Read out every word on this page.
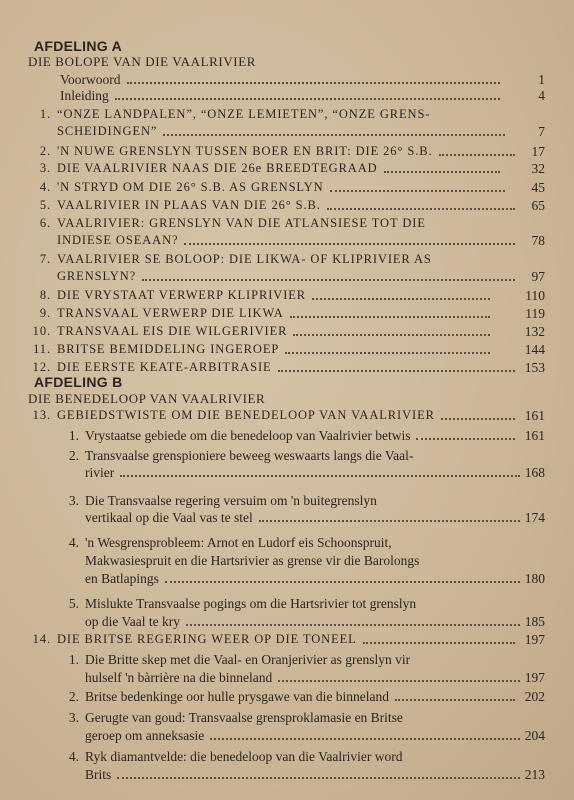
AFDELING A
DIE BOLOPE VAN DIE VAALRIVIER
AFDELING B
DIE BENEDELOOP VAN VAALRIVIER
Voorwoord	1
Inleiding	4
1. “ONZE LANDPALEN”, “ONZE LEMIETEN”, “ONZE GRENS-
SCHEIDINGEN”	7
2. 'N NUWE GRENSLYN TUSSEN BOER EN BRIT: DIE 26° S.B.	17
3. DIE VAALRIVIER NAAS DIE 26e BREEDTEGRAAD	32
4. 'N STRYD OM DIE 26° S.B. AS GRENSLYN	45
5. VAALRIVIER IN PLAAS VAN DIE 26° S.B.	65
6. VAALRIVIER: GRENSLYN VAN DIE ATLANSIESE TOT DIE
INDIESE OSEAAN?	78
7. VAALRIVIER SE BOLOOP: DIE LIKWA- OF KLIPRIVIER AS
GRENSLYN?	97
8. DIE VRYSTAAT VERWERP KLIPRIVIER	110
9. TRANSVAAL VERWERP DIE LIKWA	119
10. TRANSVAAL EIS DIE WILGERIVIER	132
11. BRITSE BEMIDDELING INGEROEP	144
12. DIE EERSTE KEATE-ARBITRASIE	153
13. GEBIEDSTWISTE OM DIE BENEDELOOP VAN VAALRIVIER	161
1. Vrystaatse gebiede om die benedeloop van Vaalrivier betwis	161
2. Transvaalse grenspioniere beweeg weswaarts langs die Vaal-
rivier	168
3. Die Transvaalse regering versuim om 'n buitegrenslyn
vertikaal op die Vaal vas te stel	174
4. 'n Wesgrensprobleem: Arnot en Ludorf eis Schoonspruit,
Makwasiespruit en die Hartsrivier as grense vir die Barolongs
en Batlapings	180
5. Mislukte Transvaalse pogings om die Hartsrivier tot grenslyn
op die Vaal te kry	185
14. DIE BRITSE REGERING WEER OP DIE TONEEL	197
1. Die Britte skep met die Vaal- en Oranjerivier as grenslyn vir
hulself 'n bàrrière na die binneland	197
2. Britse bedenkinge oor hulle prysgawe van die binneland	202
3. Gerugte van goud: Transvaalse grensproklamasie en Britse
geroep om anneksasie	204
4. Ryk diamantvelde: die benedeloop van die Vaalrivier word
Brits	213
